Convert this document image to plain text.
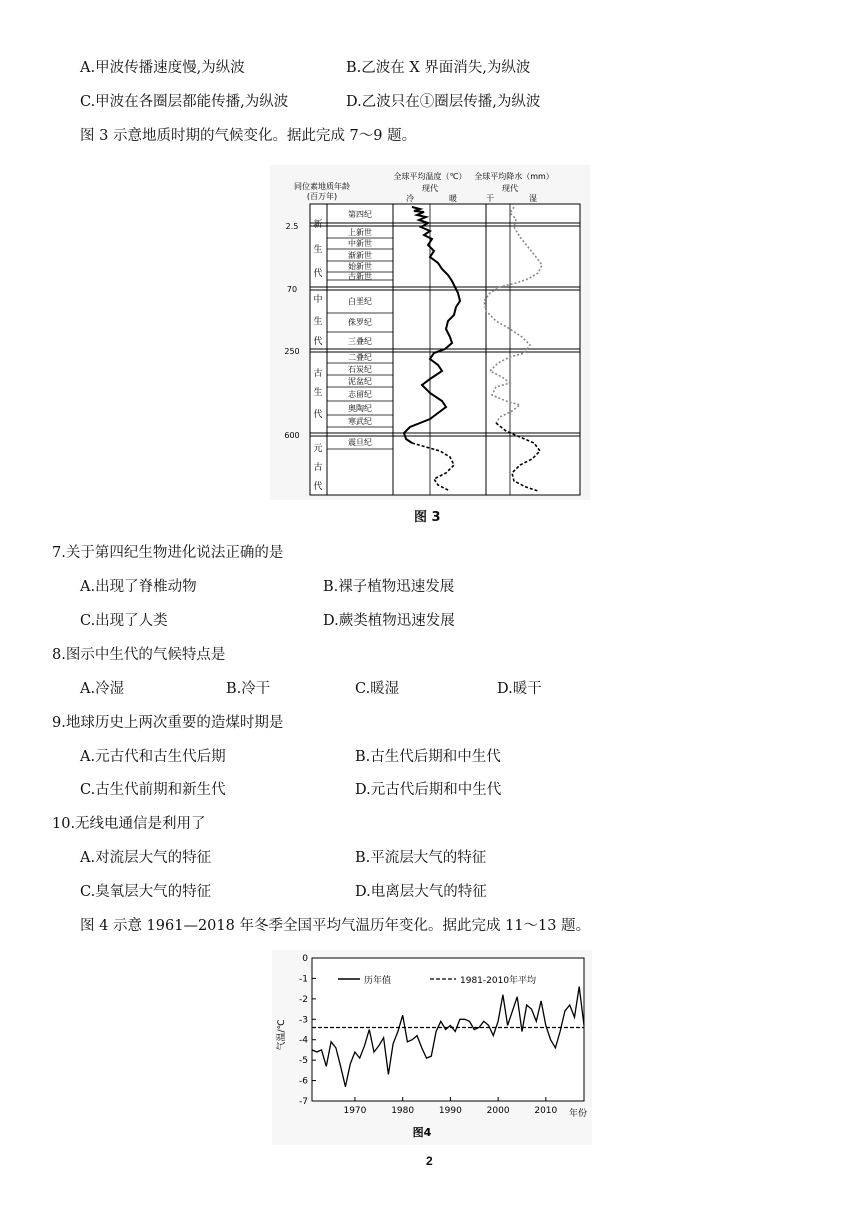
A.甲波传播速度慢,为纵波	B.乙波在 X 界面消失,为纵波
C.甲波在各圈层都能传播,为纵波	D.乙波只在①圈层传播,为纵波
图 3 示意地质时期的气候变化。据此完成 7～9 题。
同位素地质年龄
(百万年)
全球平均温度（℃） 全球平均降水（mm）
现代	现代
冷	暖	干	湿
2.5
70
250
600
新
生
代
中
生
代
古
生
代
元
古
代
第四纪
上新世
中新世
渐新世
始新世
古新世
白垩纪
侏罗纪
三叠纪
二叠纪
石炭纪
泥盆纪
志留纪
奥陶纪
寒武纪
震旦纪
图 3
7.关于第四纪生物进化说法正确的是
A.出现了脊椎动物	B.裸子植物迅速发展
C.出现了人类	D.蕨类植物迅速发展
8.图示中生代的气候特点是
A.冷湿	B.冷干	C.暖湿	D.暖干
9.地球历史上两次重要的造煤时期是
A.元古代和古生代后期	B.古生代后期和中生代
C.古生代前期和新生代	D.元古代后期和中生代
10.无线电通信是利用了
A.对流层大气的特征	B.平流层大气的特征
C.臭氧层大气的特征	D.电离层大气的特征
图 4 示意 1961—2018 年冬季全国平均气温历年变化。据此完成 11～13 题。
0
-1
-2
-3
-4
-5
-6
-7
1970	1980	1990	2000	2010
历年值	1981-2010年平均
气温/℃
年份
图4
2
